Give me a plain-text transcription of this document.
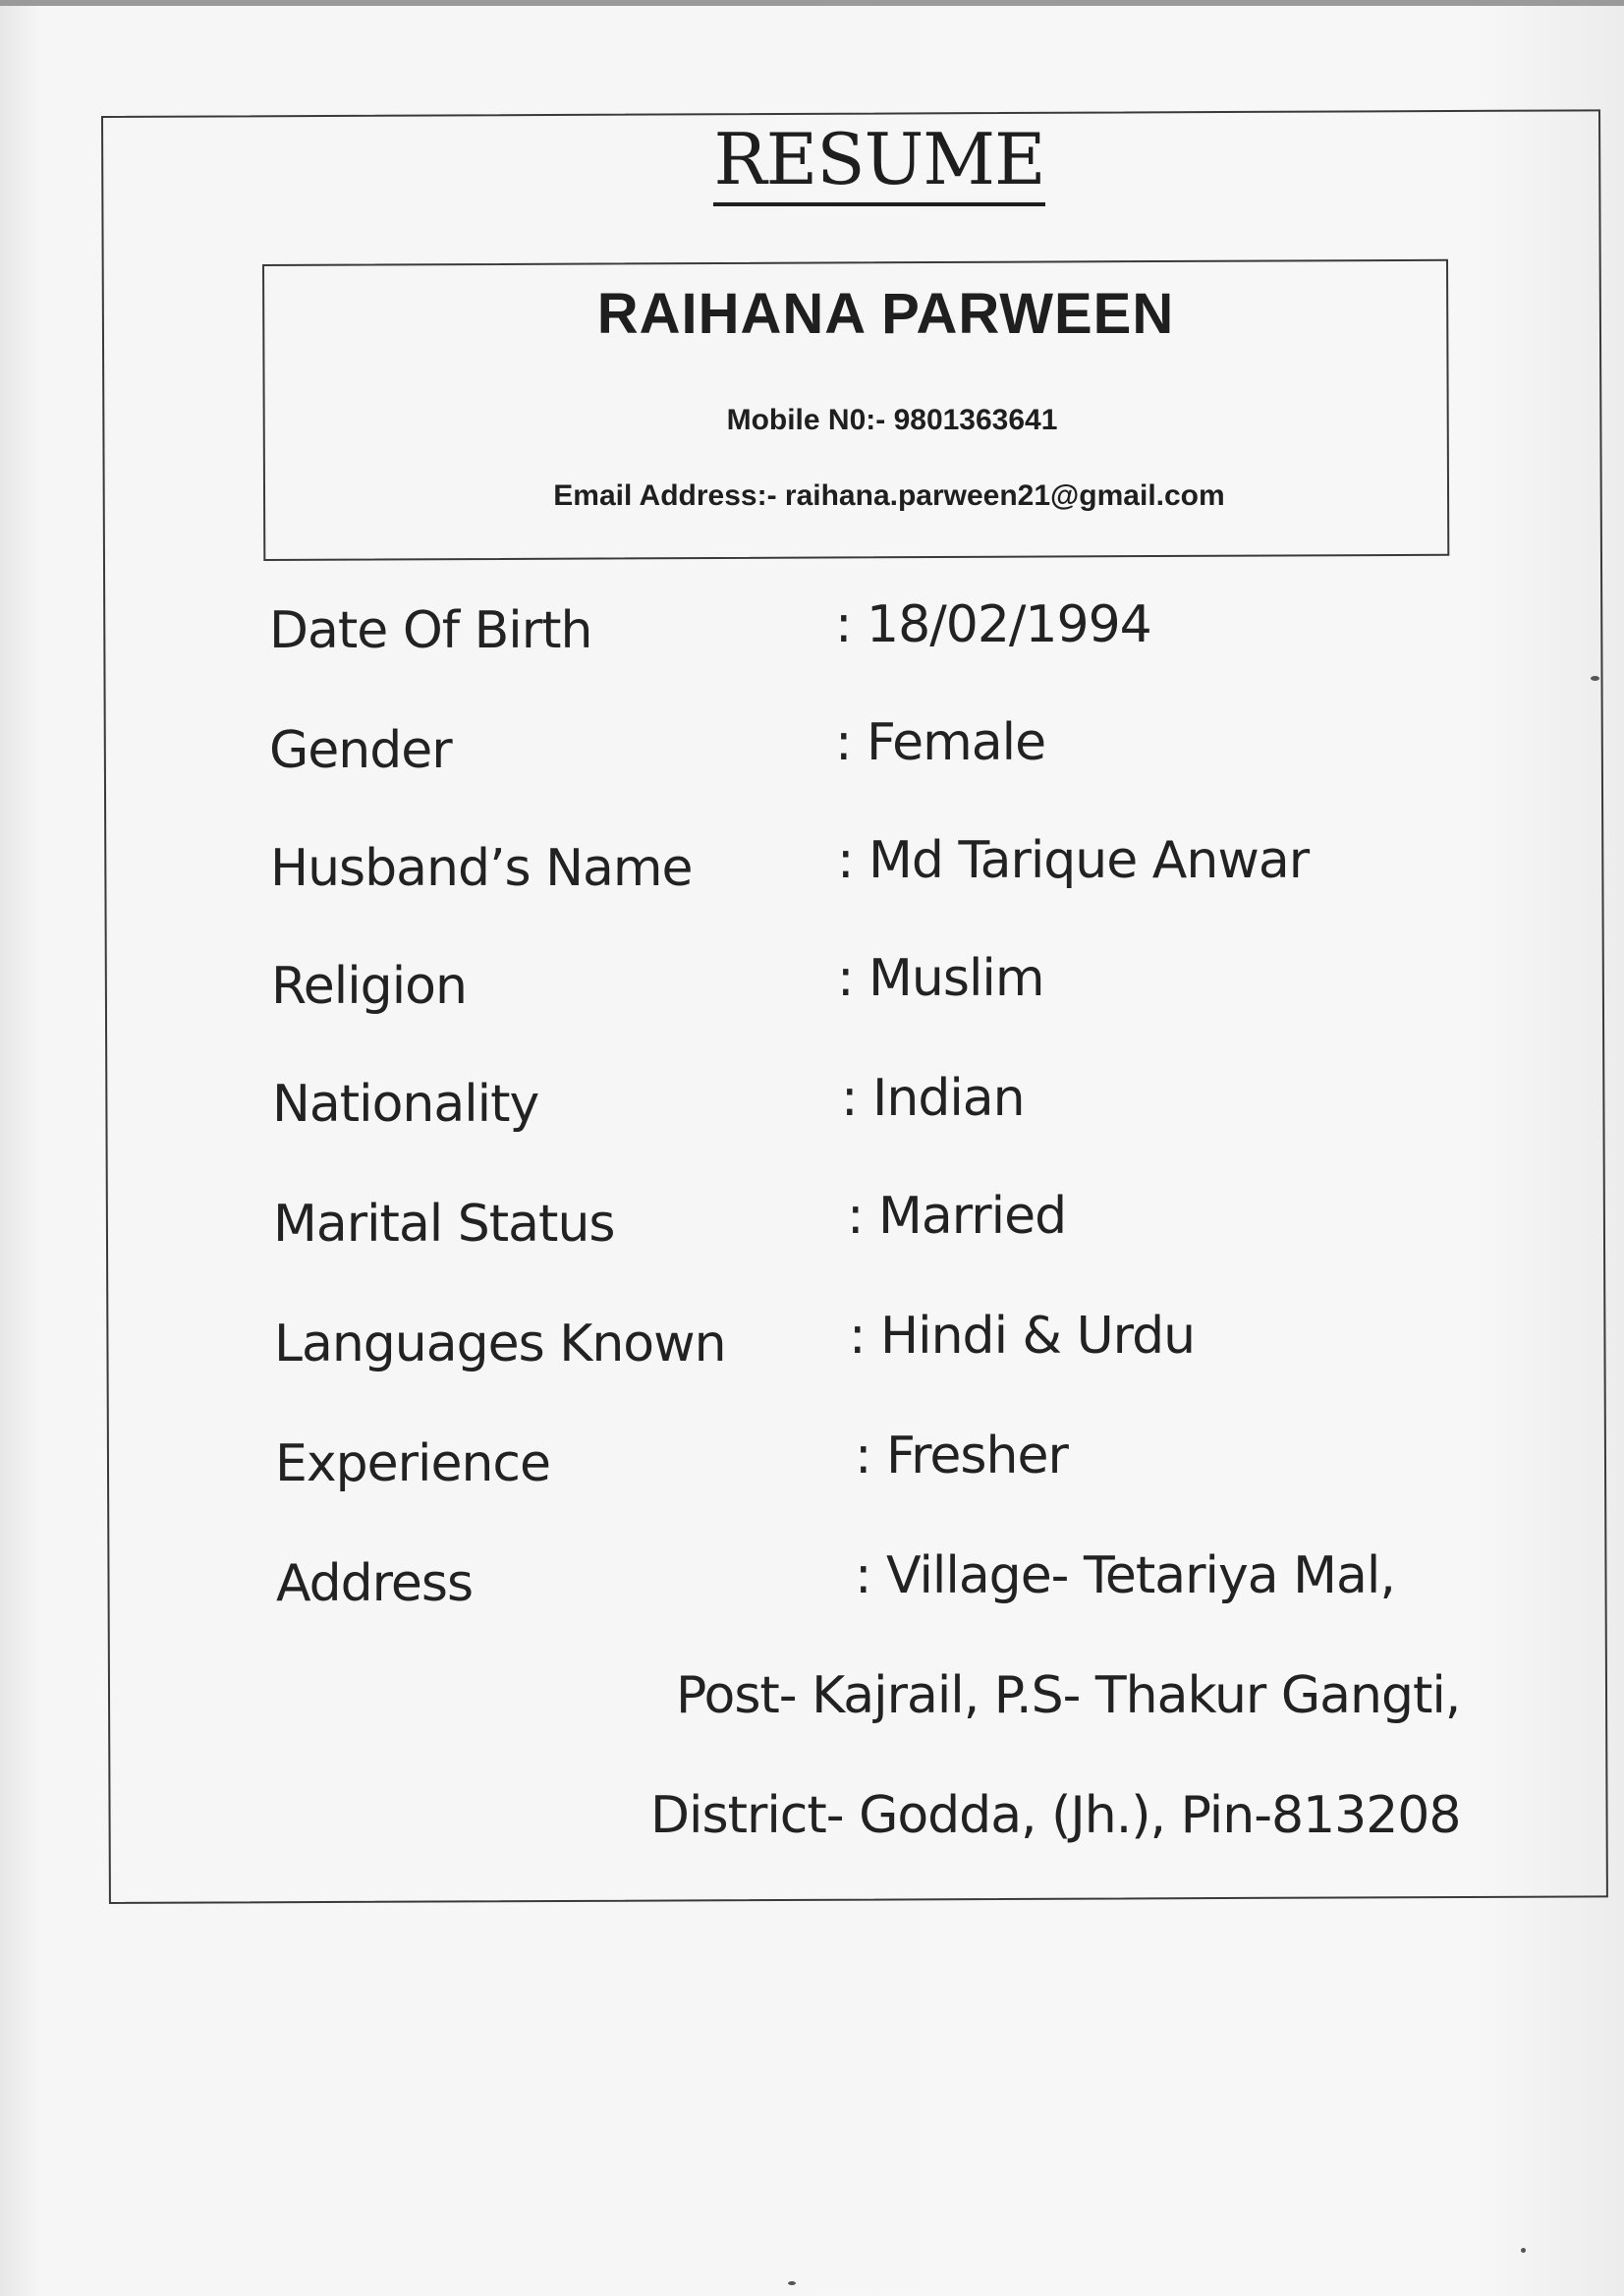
RESUME
RAIHANA PARWEEN
Mobile N0:- 9801363641
Email Address:- raihana.parween21@gmail.com
Date Of Birth	: 18/02/1994
Gender	: Female
Husband’s Name	: Md Tarique Anwar
Religion	: Muslim
Nationality	: Indian
Marital Status	: Married
Languages Known : Hindi & Urdu
Experience	: Fresher
Address	: Village- Tetariya Mal,
Post- Kajrail, P.S- Thakur Gangti,
District- Godda, (Jh.), Pin-813208
